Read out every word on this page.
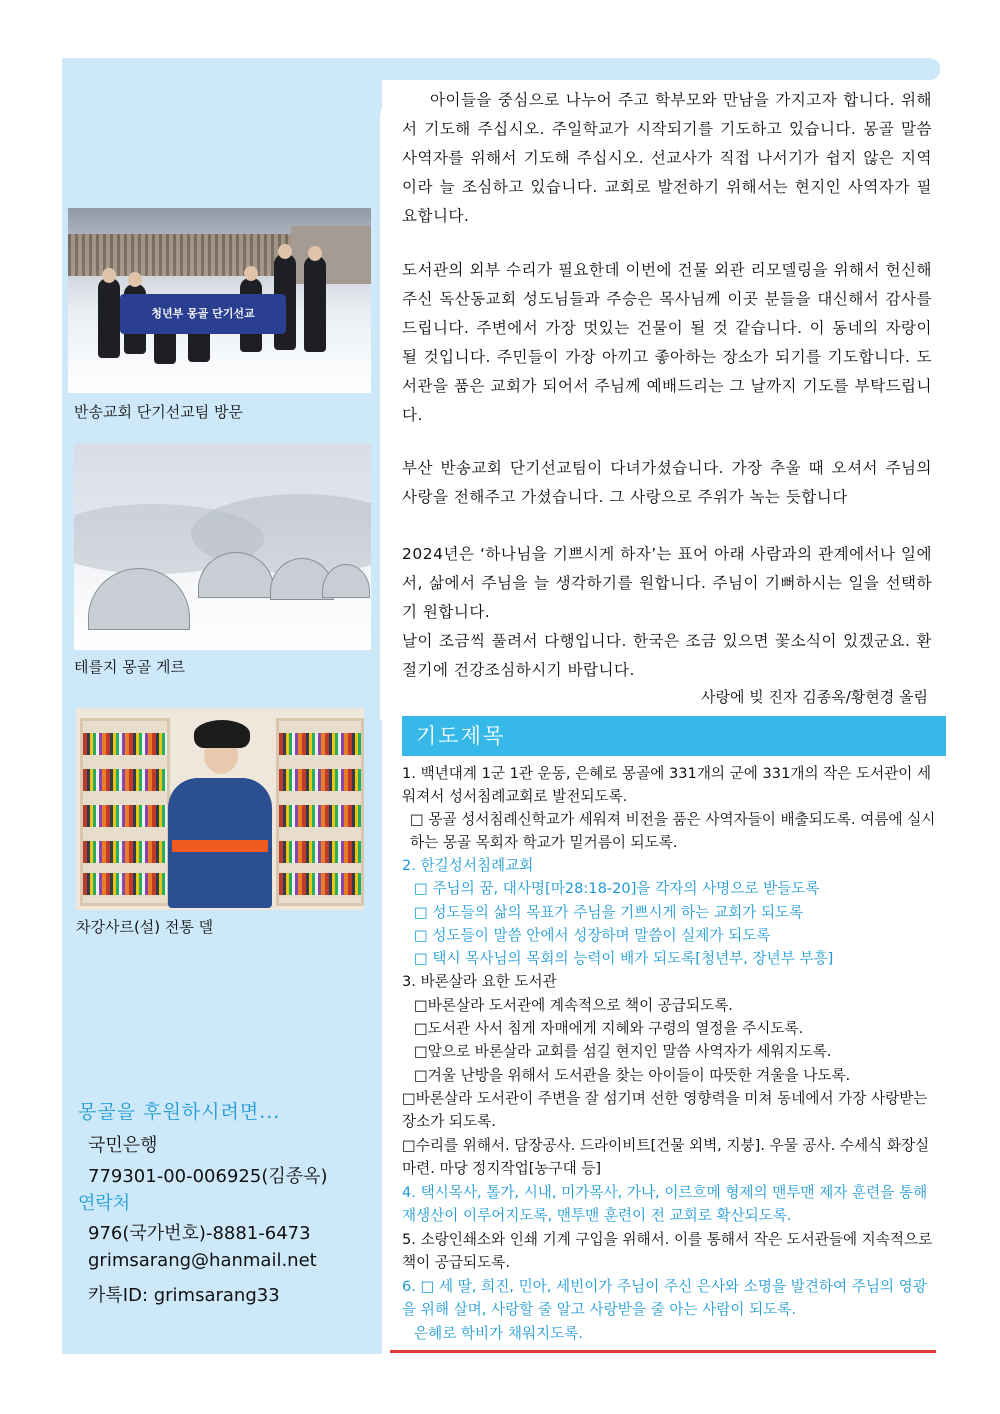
청년부 몽골 단기선교
반송교회 단기선교팀 방문
테를지 몽골 게르
차강사르(설) 전통 델
몽골을 후원하시려면...
국민은행
779301-00-006925(김종옥)
연락처
976(국가번호)-8881-6473
grimsarang@hanmail.net
카톡ID: grimsarang33
아이들을 중심으로 나누어 주고 학부모와 만남을 가지고자 합니다. 위해서 기도해 주십시오. 주일학교가 시작되기를 기도하고 있습니다. 몽골 말씀사역자를 위해서 기도해 주십시오. 선교사가 직접 나서기가 쉽지 않은 지역이라 늘 조심하고 있습니다. 교회로 발전하기 위해서는 현지인 사역자가 필요합니다.
도서관의 외부 수리가 필요한데 이번에 건물 외관 리모델링을 위해서 헌신해주신 독산동교회 성도님들과 주승은 목사님께 이곳 분들을 대신해서 감사를 드립니다. 주변에서 가장 멋있는 건물이 될 것 같습니다. 이 동네의 자랑이 될 것입니다. 주민들이 가장 아끼고 좋아하는 장소가 되기를 기도합니다. 도서관을 품은 교회가 되어서 주님께 예배드리는 그 날까지 기도를 부탁드립니다.
부산 반송교회 단기선교팀이 다녀가셨습니다. 가장 추울 때 오셔서 주님의 사랑을 전해주고 가셨습니다. 그 사랑으로 주위가 녹는 듯합니다
2024년은 ‘하나님을 기쁘시게 하자’는 표어 아래 사람과의 관계에서나 일에서, 삶에서 주님을 늘 생각하기를 원합니다. 주님이 기뻐하시는 일을 선택하기 원합니다.
날이 조금씩 풀려서 다행입니다. 한국은 조금 있으면 꽃소식이 있겠군요. 환절기에 건강조심하시기 바랍니다.
사랑에 빚 진자 김종옥/황현경 올림
기도제목
1. 백년대계 1군 1관 운동, 은혜로 몽골에 331개의 군에 331개의 작은 도서관이 세워져서 성서침례교회로 발전되도록.
□ 몽골 성서침례신학교가 세워져 비전을 품은 사역자들이 배출되도록. 여름에 실시하는 몽골 목회자 학교가 밑거름이 되도록.
2. 한길성서침례교회
□ 주님의 꿈, 대사명[마28:18-20]을 각자의 사명으로 받들도록
□ 성도들의 삶의 목표가 주님을 기쁘시게 하는 교회가 되도록
□ 성도들이 말씀 안에서 성장하며 말씀이 실제가 되도록
□ 택시 목사님의 목회의 능력이 배가 되도록[청년부, 장년부 부흥]
3. 바론살라 요한 도서관
□바론살라 도서관에 계속적으로 책이 공급되도록.
□도서관 사서 침게 자매에게 지혜와 구령의 열정을 주시도록.
□앞으로 바론살라 교회를 섬길 현지인 말씀 사역자가 세워지도록.
□겨울 난방을 위해서 도서관을 찾는 아이들이 따뜻한 겨울을 나도록.
□바론살라 도서관이 주변을 잘 섬기며 선한 영향력을 미쳐 동네에서 가장 사랑받는 장소가 되도록.
□수리를 위해서. 담장공사. 드라이비트[건물 외벽, 지붕]. 우물 공사. 수세식 화장실 마련. 마당 정지작업[농구대 등]
4. 택시목사, 톨가, 시내, 미가목사, 가나, 이르흐메 형제의 맨투맨 제자 훈련을 통해 재생산이 이루어지도록, 맨투맨 훈련이 전 교회로 확산되도록.
5. 소랑인쇄소와 인쇄 기계 구입을 위해서. 이를 통해서 작은 도서관들에 지속적으로 책이 공급되도록.
6. □ 세 딸, 희진, 민아, 세빈이가 주님이 주신 은사와 소명을 발견하여 주님의 영광을 위해 살며, 사랑할 줄 알고 사랑받을 줄 아는 사람이 되도록.
은혜로 학비가 채워지도록.
